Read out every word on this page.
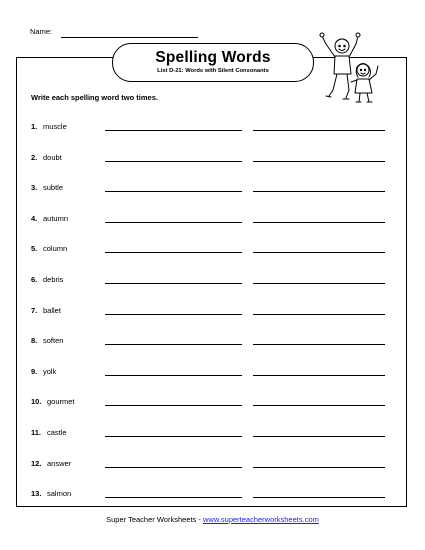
Name:
Spelling Words
List D-21: Words with Silent Consonants
Write each spelling word two times.
1. muscle
2. doubt
3. subtle
4. autumn
5. column
6. debris
7. ballet
8. soften
9. yolk
10. gourmet
11. castle
12. answer
13. salmon
Super Teacher Worksheets - www.superteacherworksheets.com
